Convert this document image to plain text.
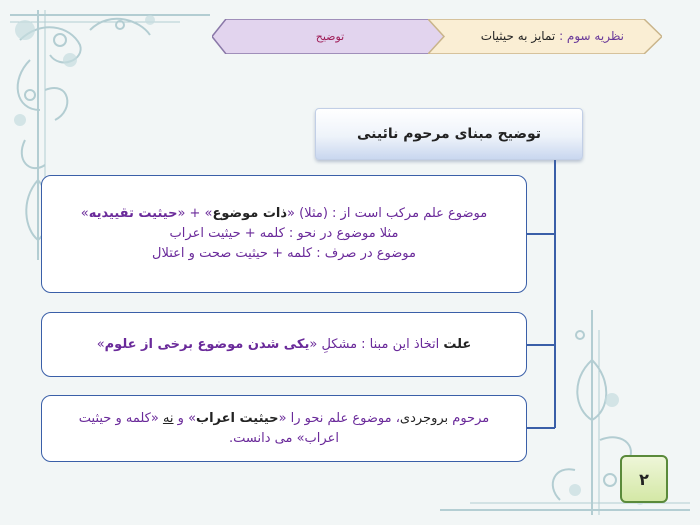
توضیح	نظریه سوم : تمایز به حیثیات
توضیح مبنای مرحوم نائینی
موضوع علم مرکب است از : (مثلا) «ذات موضوع» + «حیثیت تقییدیه»
مثلا موضوع در نحو : کلمه + حیثیت اعراب
موضوع در صرف : کلمه + حیثیت صحت و اعتلال
علت اتخاذ این مبنا : مشکلِ «یکی شدن موضوع برخی از علوم»
مرحوم بروجردی، موضوع علم نحو را «حیثیت اعراب» و نه «کلمه و حیثیت اعراب» می دانست.
۲
